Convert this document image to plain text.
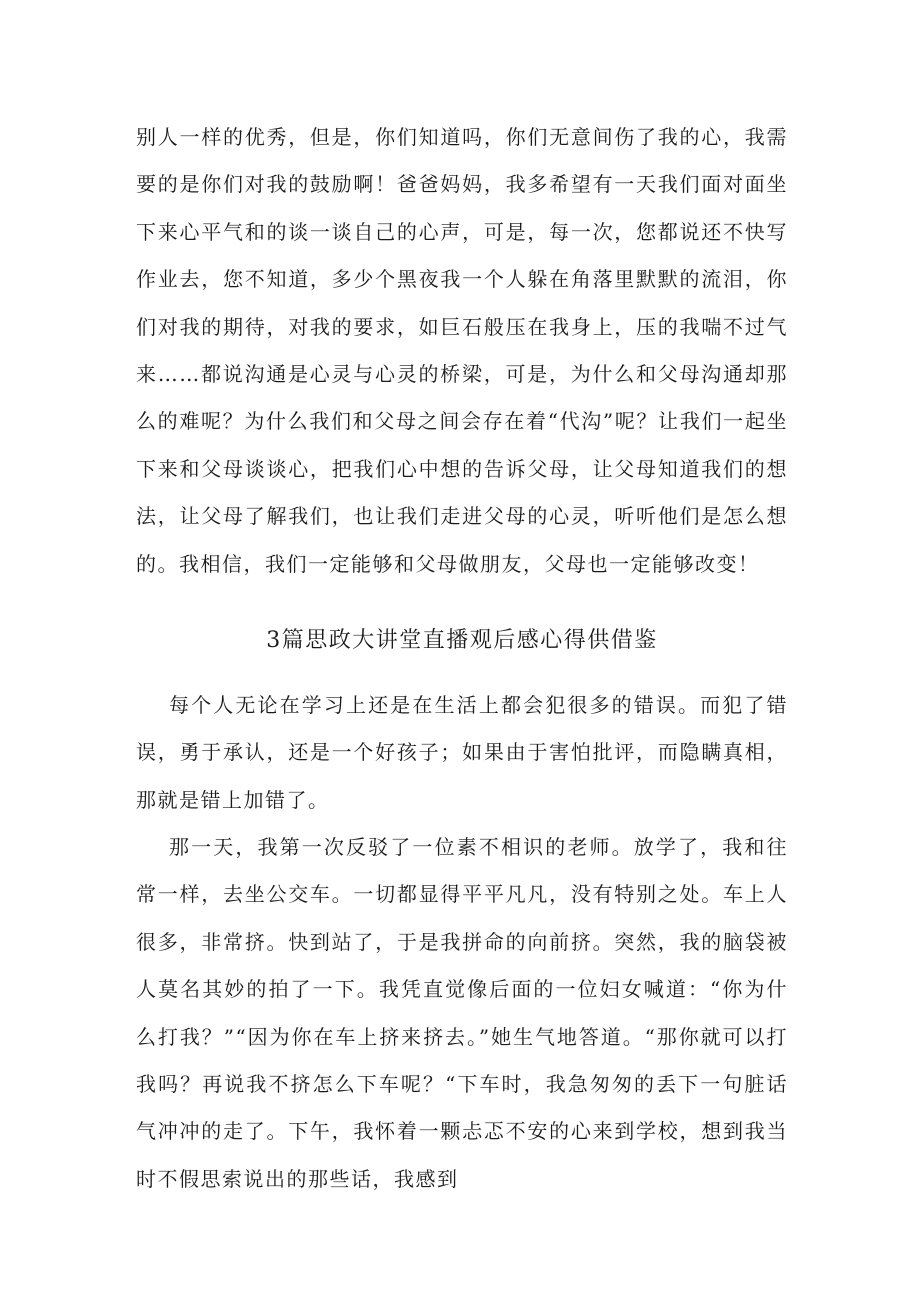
别人一样的优秀，但是，你们知道吗，你们无意间伤了我的心，我需要的是你们对我的鼓励啊！爸爸妈妈，我多希望有一天我们面对面坐下来心平气和的谈一谈自己的心声，可是，每一次，您都说还不快写作业去，您不知道，多少个黑夜我一个人躲在角落里默默的流泪，你们对我的期待，对我的要求，如巨石般压在我身上，压的我喘不过气来……都说沟通是心灵与心灵的桥梁，可是，为什么和父母沟通却那么的难呢？为什么我们和父母之间会存在着“代沟”呢？让我们一起坐下来和父母谈谈心，把我们心中想的告诉父母，让父母知道我们的想法，让父母了解我们，也让我们走进父母的心灵，听听他们是怎么想的。我相信，我们一定能够和父母做朋友，父母也一定能够改变！

3篇思政大讲堂直播观后感心得供借鉴

每个人无论在学习上还是在生活上都会犯很多的错误。而犯了错误，勇于承认，还是一个好孩子；如果由于害怕批评，而隐瞒真相，那就是错上加错了。

那一天，我第一次反驳了一位素不相识的老师。放学了，我和往常一样，去坐公交车。一切都显得平平凡凡，没有特别之处。车上人很多，非常挤。快到站了，于是我拼命的向前挤。突然，我的脑袋被人莫名其妙的拍了一下。我凭直觉像后面的一位妇女喊道：“你为什么打我？”“因为你在车上挤来挤去。”她生气地答道。“那你就可以打我吗？再说我不挤怎么下车呢？“下车时，我急匆匆的丢下一句脏话气冲冲的走了。下午，我怀着一颗忐忑不安的心来到学校，想到我当时不假思索说出的那些话，我感到
